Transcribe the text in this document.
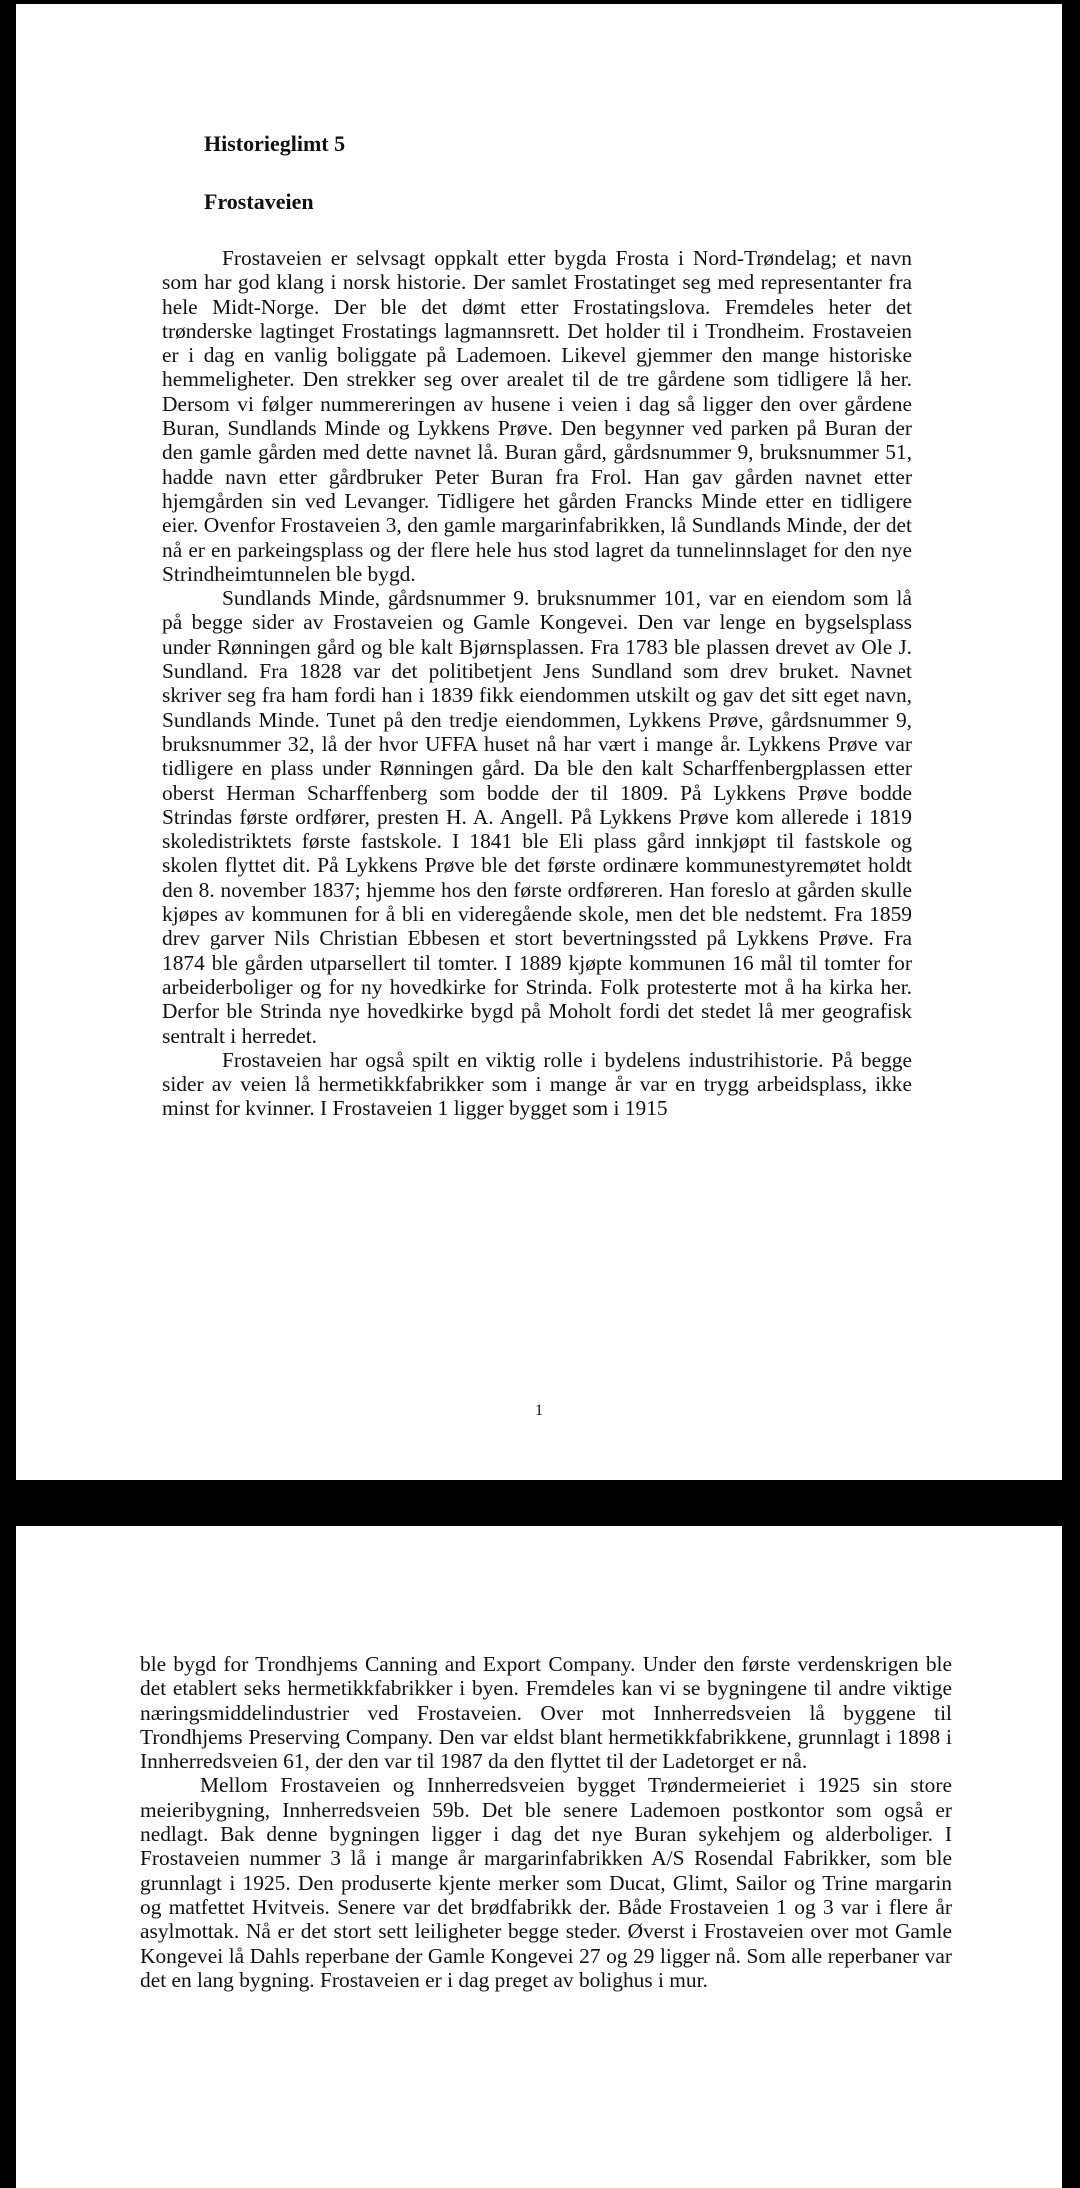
Historieglimt 5
Frostaveien

Frostaveien er selvsagt oppkalt etter bygda Frosta i Nord-Trøndelag; et navn som har god klang i norsk historie. Der samlet Frostatinget seg med representanter fra hele Midt-Norge. Der ble det dømt etter Frostatingslova. Fremdeles heter det trønderske lagtinget Frostatings lagmannsrett. Det holder til i Trondheim. Frostaveien er i dag en vanlig boliggate på Lademoen. Likevel gjemmer den mange historiske hemmeligheter. Den strekker seg over arealet til de tre gårdene som tidligere lå her. Dersom vi følger nummereringen av husene i veien i dag så ligger den over gårdene Buran, Sundlands Minde og Lykkens Prøve. Den begynner ved parken på Buran der den gamle gården med dette navnet lå. Buran gård, gårdsnummer 9, bruksnummer 51, hadde navn etter gårdbruker Peter Buran fra Frol. Han gav gården navnet etter hjemgården sin ved Levanger. Tidligere het gården Francks Minde etter en tidligere eier. Ovenfor Frostaveien 3, den gamle margarinfabrikken, lå Sundlands Minde, der det nå er en parkeingsplass og der flere hele hus stod lagret da tunnelinnslaget for den nye Strindheimtunnelen ble bygd.

Sundlands Minde, gårdsnummer 9. bruksnummer 101, var en eiendom som lå på begge sider av Frostaveien og Gamle Kongevei. Den var lenge en bygselsplass under Rønningen gård og ble kalt Bjørnsplassen. Fra 1783 ble plassen drevet av Ole J. Sundland. Fra 1828 var det politibetjent Jens Sundland som drev bruket. Navnet skriver seg fra ham fordi han i 1839 fikk eiendommen utskilt og gav det sitt eget navn, Sundlands Minde. Tunet på den tredje eiendommen, Lykkens Prøve, gårdsnummer 9, bruksnummer 32, lå der hvor UFFA huset nå har vært i mange år. Lykkens Prøve var tidligere en plass under Rønningen gård. Da ble den kalt Scharffenbergplassen etter oberst Herman Scharffenberg som bodde der til 1809. På Lykkens Prøve bodde Strindas første ordfører, presten H. A. Angell. På Lykkens Prøve kom allerede i 1819 skoledistriktets første fastskole. I 1841 ble Eli plass gård innkjøpt til fastskole og skolen flyttet dit. På Lykkens Prøve ble det første ordinære kommunestyremøtet holdt den 8. november 1837; hjemme hos den første ordføreren. Han foreslo at gården skulle kjøpes av kommunen for å bli en videregående skole, men det ble nedstemt. Fra 1859 drev garver Nils Christian Ebbesen et stort bevertningssted på Lykkens Prøve. Fra 1874 ble gården utparsellert til tomter. I 1889 kjøpte kommunen 16 mål til tomter for arbeiderboliger og for ny hovedkirke for Strinda. Folk protesterte mot å ha kirka her. Derfor ble Strinda nye hovedkirke bygd på Moholt fordi det stedet lå mer geografisk sentralt i herredet.

Frostaveien har også spilt en viktig rolle i bydelens industrihistorie. På begge sider av veien lå hermetikkfabrikker som i mange år var en trygg arbeidsplass, ikke minst for kvinner. I Frostaveien 1 ligger bygget som i 1915

1

ble bygd for Trondhjems Canning and Export Company. Under den første verdenskrigen ble det etablert seks hermetikkfabrikker i byen. Fremdeles kan vi se bygningene til andre viktige næringsmiddelindustrier ved Frostaveien. Over mot Innherredsveien lå byggene til Trondhjems Preserving Company. Den var eldst blant hermetikkfabrikkene, grunnlagt i 1898 i Innherredsveien 61, der den var til 1987 da den flyttet til der Ladetorget er nå.

Mellom Frostaveien og Innherredsveien bygget Trøndermeieriet i 1925 sin store meieribygning, Innherredsveien 59b. Det ble senere Lademoen postkontor som også er nedlagt. Bak denne bygningen ligger i dag det nye Buran sykehjem og alderboliger. I Frostaveien nummer 3 lå i mange år margarinfabrikken A/S Rosendal Fabrikker, som ble grunnlagt i 1925. Den produserte kjente merker som Ducat, Glimt, Sailor og Trine margarin og matfettet Hvitveis. Senere var det brødfabrikk der. Både Frostaveien 1 og 3 var i flere år asylmottak. Nå er det stort sett leiligheter begge steder. Øverst i Frostaveien over mot Gamle Kongevei lå Dahls reperbane der Gamle Kongevei 27 og 29 ligger nå. Som alle reperbaner var det en lang bygning. Frostaveien er i dag preget av bolighus i mur.
